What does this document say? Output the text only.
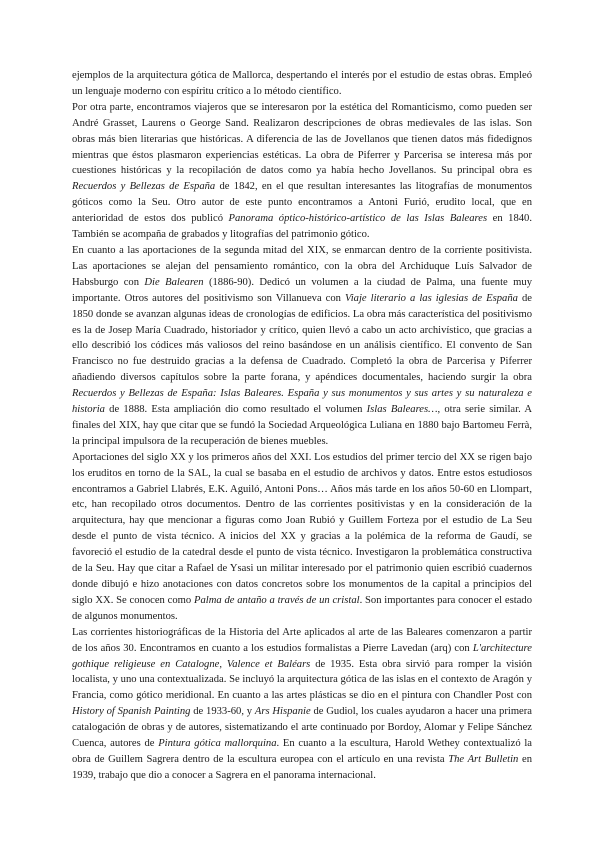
ejemplos de la arquitectura gótica de Mallorca, despertando el interés por el estudio de estas obras. Empleó un lenguaje moderno con espíritu crítico a lo método científico.

Por otra parte, encontramos viajeros que se interesaron por la estética del Romanticismo, como pueden ser André Grasset, Laurens o George Sand. Realizaron descripciones de obras medievales de las islas. Son obras más bien literarias que históricas. A diferencia de las de Jovellanos que tienen datos más fidedignos mientras que éstos plasmaron experiencias estéticas. La obra de Piferrer y Parcerisa se interesa más por cuestiones históricas y la recopilación de datos como ya había hecho Jovellanos. Su principal obra es Recuerdos y Bellezas de España de 1842, en el que resultan interesantes las litografías de monumentos góticos como la Seu. Otro autor de este punto encontramos a Antoni Furió, erudito local, que en anterioridad de estos dos publicó Panorama óptico-histórico-artístico de las Islas Baleares en 1840. También se acompaña de grabados y litografías del patrimonio gótico.

En cuanto a las aportaciones de la segunda mitad del XIX, se enmarcan dentro de la corriente positivista. Las aportaciones se alejan del pensamiento romántico, con la obra del Archiduque Luís Salvador de Habsburgo con Die Balearen (1886-90). Dedicó un volumen a la ciudad de Palma, una fuente muy importante. Otros autores del positivismo son Villanueva con Viaje literario a las iglesias de España de 1850 donde se avanzan algunas ideas de cronologías de edificios. La obra más característica del positivismo es la de Josep María Cuadrado, historiador y crítico, quien llevó a cabo un acto archivístico, que gracias a ello describió los códices más valiosos del reino basándose en un análisis científico. El convento de San Francisco no fue destruido gracias a la defensa de Cuadrado. Completó la obra de Parcerisa y Piferrer añadiendo diversos capítulos sobre la parte forana, y apéndices documentales, haciendo surgir la obra Recuerdos y Bellezas de España: Islas Baleares. España y sus monumentos y sus artes y su naturaleza e historia de 1888. Esta ampliación dio como resultado el volumen Islas Baleares…, otra serie similar. A finales del XIX, hay que citar que se fundó la Sociedad Arqueológica Luliana en 1880 bajo Bartomeu Ferrà, la principal impulsora de la recuperación de bienes muebles.

Aportaciones del siglo XX y los primeros años del XXI. Los estudios del primer tercio del XX se rigen bajo los eruditos en torno de la SAL, la cual se basaba en el estudio de archivos y datos. Entre estos estudiosos encontramos a Gabriel Llabrés, E.K. Aguiló, Antoni Pons… Años más tarde en los años 50-60 en Llompart, etc, han recopilado otros documentos. Dentro de las corrientes positivistas y en la consideración de la arquitectura, hay que mencionar a figuras como Joan Rubió y Guillem Forteza por el estudio de La Seu desde el punto de vista técnico. A inicios del XX y gracias a la polémica de la reforma de Gaudí, se favoreció el estudio de la catedral desde el punto de vista técnico. Investigaron la problemática constructiva de la Seu. Hay que citar a Rafael de Ysasi un militar interesado por el patrimonio quien escribió cuadernos donde dibujó e hizo anotaciones con datos concretos sobre los monumentos de la capital a principios del siglo XX. Se conocen como Palma de antaño a través de un cristal. Son importantes para conocer el estado de algunos monumentos.

Las corrientes historiográficas de la Historia del Arte aplicados al arte de las Baleares comenzaron a partir de los años 30. Encontramos en cuanto a los estudios formalistas a Pierre Lavedan (arq) con L'architecture gothique religieuse en Catalogne, Valence et Baléars de 1935. Esta obra sirvió para romper la visión localista, y uno una contextualizada. Se incluyó la arquitectura gótica de las islas en el contexto de Aragón y Francia, como gótico meridional. En cuanto a las artes plásticas se dio en el pintura con Chandler Post con History of Spanish Painting de 1933-60, y Ars Hispanie de Gudiol, los cuales ayudaron a hacer una primera catalogación de obras y de autores, sistematizando el arte continuado por Bordoy, Alomar y Felipe Sánchez Cuenca, autores de Pintura gótica mallorquina. En cuanto a la escultura, Harold Wethey contextualizó la obra de Guillem Sagrera dentro de la escultura europea con el artículo en una revista The Art Bulletin en 1939, trabajo que dio a conocer a Sagrera en el panorama internacional.
